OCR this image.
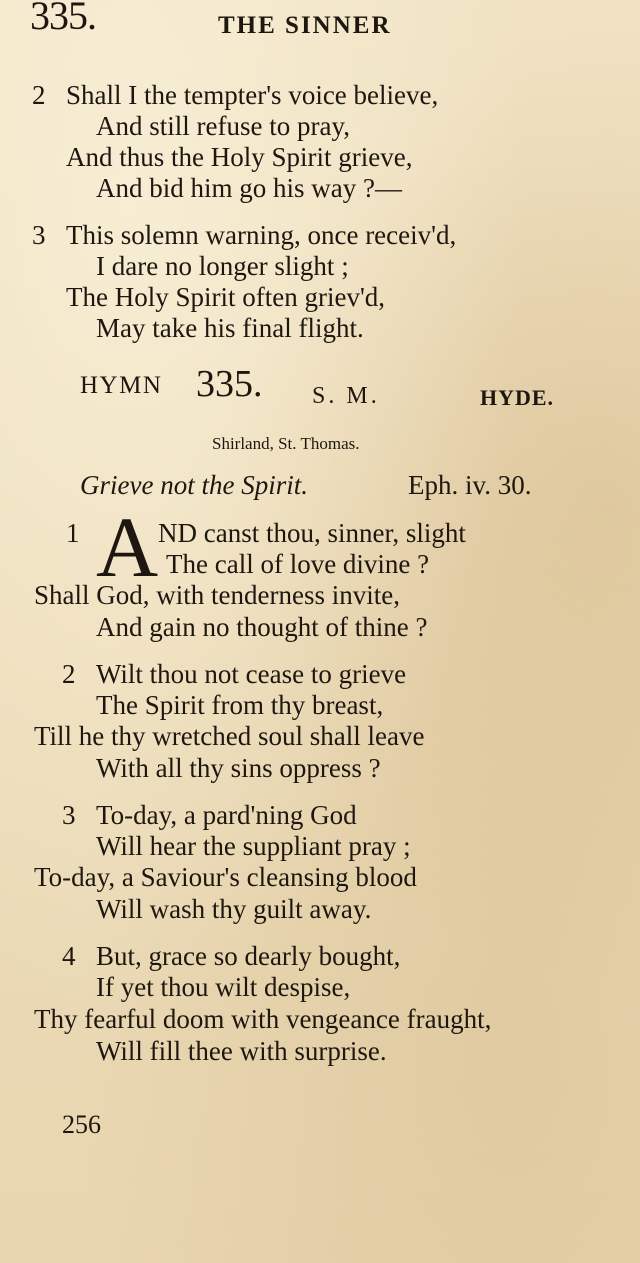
335.	THE SINNER
2 Shall I the tempter's voice believe,
And still refuse to pray,
And thus the Holy Spirit grieve,
And bid him go his way ?—
3 This solemn warning, once receiv'd,
I dare no longer slight ;
The Holy Spirit often griev'd,
May take his final flight.
HYMN 335. S. M.	HYDE.
Shirland, St. Thomas.
Grieve not the Spirit.	Eph. iv. 30.
1 A ND canst thou, sinner, slight
The call of love divine ?
Shall God, with tenderness invite,
And gain no thought of thine ?
2 Wilt thou not cease to grieve
The Spirit from thy breast,
Till he thy wretched soul shall leave
With all thy sins oppress ?
3 To-day, a pard'ning God
Will hear the suppliant pray ;
To-day, a Saviour's cleansing blood
Will wash thy guilt away.
4 But, grace so dearly bought,
If yet thou wilt despise,
Thy fearful doom with vengeance fraught,
Will fill thee with surprise.
256
